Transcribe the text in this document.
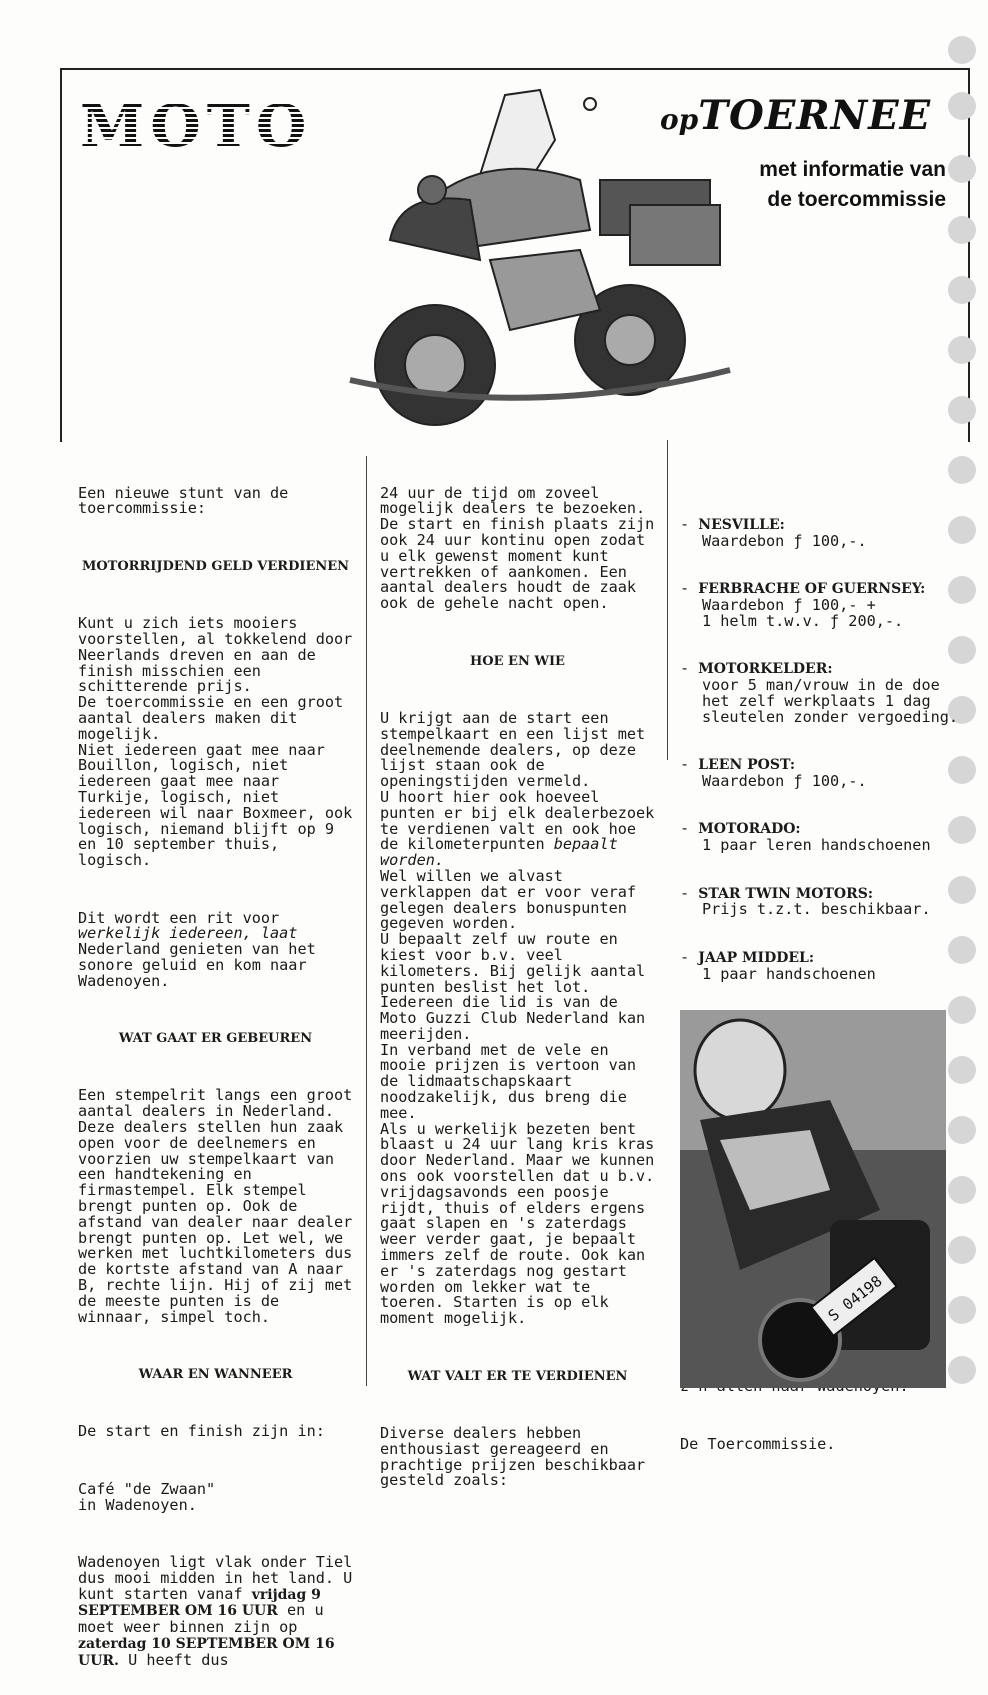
MOTO GUZZI
opTOERNEE
met informatie van
de toercommissie

Een nieuwe stunt van de toercommissie:

MOTORRIJDEND GELD VERDIENEN

Kunt u zich iets mooiers voorstellen, al tokkelend door Neerlands dreven en aan de finish misschien een schitterende prijs.
De toercommissie en een groot aantal dealers maken dit mogelijk.
Niet iedereen gaat mee naar Bouillon, logisch, niet iedereen gaat mee naar Turkije, logisch, niet iedereen wil naar Boxmeer, ook logisch, niemand blijft op 9 en 10 september thuis, logisch.

Dit wordt een rit voor werkelijk iedereen, laat Nederland genieten van het sonore geluid en kom naar Wadenoyen.

WAT GAAT ER GEBEUREN

Een stempelrit langs een groot aantal dealers in Nederland. Deze dealers stellen hun zaak open voor de deelnemers en voorzien uw stempelkaart van een handtekening en firmastempel. Elk stempel brengt punten op. Ook de afstand van dealer naar dealer brengt punten op. Let wel, we werken met luchtkilometers dus de kortste afstand van A naar B, rechte lijn. Hij of zij met de meeste punten is de winnaar, simpel toch.

WAAR EN WANNEER

De start en finish zijn in:

Café "de Zwaan"
in Wadenoyen.

Wadenoyen ligt vlak onder Tiel dus mooi midden in het land. U kunt starten vanaf vrijdag 9 SEPTEMBER OM 16 UUR en u moet weer binnen zijn op zaterdag 10 SEPTEMBER OM 16 UUR. U heeft dus

24 uur de tijd om zoveel mogelijk dealers te bezoeken.
De start en finish plaats zijn ook 24 uur kontinu open zodat u elk gewenst moment kunt vertrekken of aankomen. Een aantal dealers houdt de zaak ook de gehele nacht open.

HOE EN WIE

U krijgt aan de start een stempelkaart en een lijst met deelnemende dealers, op deze lijst staan ook de openingstijden vermeld.
U hoort hier ook hoeveel punten er bij elk dealerbezoek te verdienen valt en ook hoe de kilometerpunten bepaalt worden.
Wel willen we alvast verklappen dat er voor veraf gelegen dealers bonuspunten gegeven worden.
U bepaalt zelf uw route en kiest voor b.v. veel kilometers. Bij gelijk aantal punten beslist het lot.
Iedereen die lid is van de Moto Guzzi Club Nederland kan meerijden.
In verband met de vele en mooie prijzen is vertoon van de lidmaatschapskaart noodzakelijk, dus breng die mee.
Als u werkelijk bezeten bent blaast u 24 uur lang kris kras door Nederland. Maar we kunnen ons ook voorstellen dat u b.v. vrijdagsavonds een poosje rijdt, thuis of elders ergens gaat slapen en 's zaterdags weer verder gaat, je bepaalt immers zelf de route. Ook kan er 's zaterdags nog gestart worden om lekker wat te toeren. Starten is op elk moment mogelijk.

WAT VALT ER TE VERDIENEN

Diverse dealers hebben enthousiast gereageerd en prachtige prijzen beschikbaar gesteld zoals:

- NESVILLE:
Waardebon ƒ 100,-.

- FERBRACHE OF GUERNSEY:
Waardebon ƒ 100,- +
1 helm t.w.v. ƒ 200,-.

- MOTORKELDER:
voor 5 man/vrouw in de doe het zelf werkplaats 1 dag sleutelen zonder vergoeding.

- LEEN POST:
Waardebon ƒ 100,-.

- MOTORADO:
1 paar leren handschoenen

- STAR TWIN MOTORS:
Prijs t.z.t. beschikbaar.

- JAAP MIDDEL:
1 paar handschoenen

De Toercommissie.

S 04198
